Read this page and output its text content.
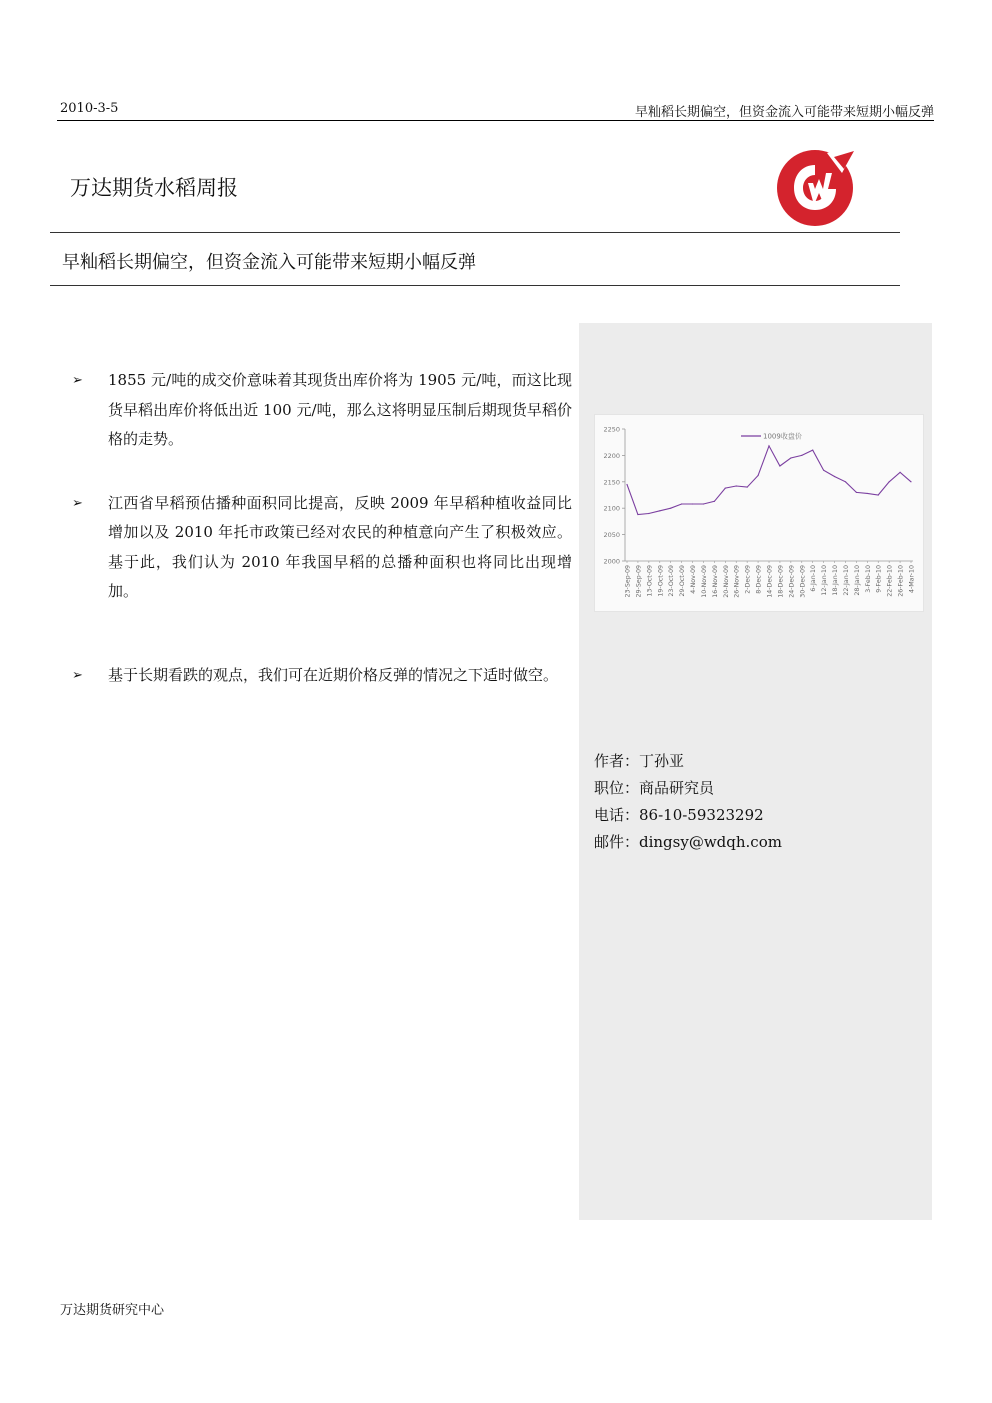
2010-3-5	早籼稻长期偏空，但资金流入可能带来短期小幅反弹
万达期货水稻周报
早籼稻长期偏空，但资金流入可能带来短期小幅反弹
2000
2050
2100
2150
2200
2250
23-Sep-09 29-Sep-09 13-Oct-09 19-Oct-09 23-Oct-09 29-Oct-09 4-Nov-09 10-Nov-09 16-Nov-09 20-Nov-09 26-Nov-09 2-Dec-09 8-Dec-09 14-Dec-09 18-Dec-09 24-Dec-09 30-Dec-09 6-Jan-10 12-Jan-10 18-Jan-10 22-Jan-10 28-Jan-10 3-Feb-10 9-Feb-10 22-Feb-10 26-Feb-10 4-Mar-10
1009收盘价
➢ 1855 元/吨的成交价意味着其现货出库价将为 1905 元/吨，而这比现货早稻出库价将低出近 100 元/吨，那么这将明显压制后期现货早稻价格的走势。
➢ 江西省早稻预估播种面积同比提高，反映 2009 年早稻种植收益同比增加以及 2010 年托市政策已经对农民的种植意向产生了积极效应。基于此，我们认为 2010 年我国早稻的总播种面积也将同比出现增加。
➢ 基于长期看跌的观点，我们可在近期价格反弹的情况之下适时做空。
作者：丁孙亚
职位：商品研究员
电话：86-10-59323292
邮件：dingsy@wdqh.com
万达期货研究中心
